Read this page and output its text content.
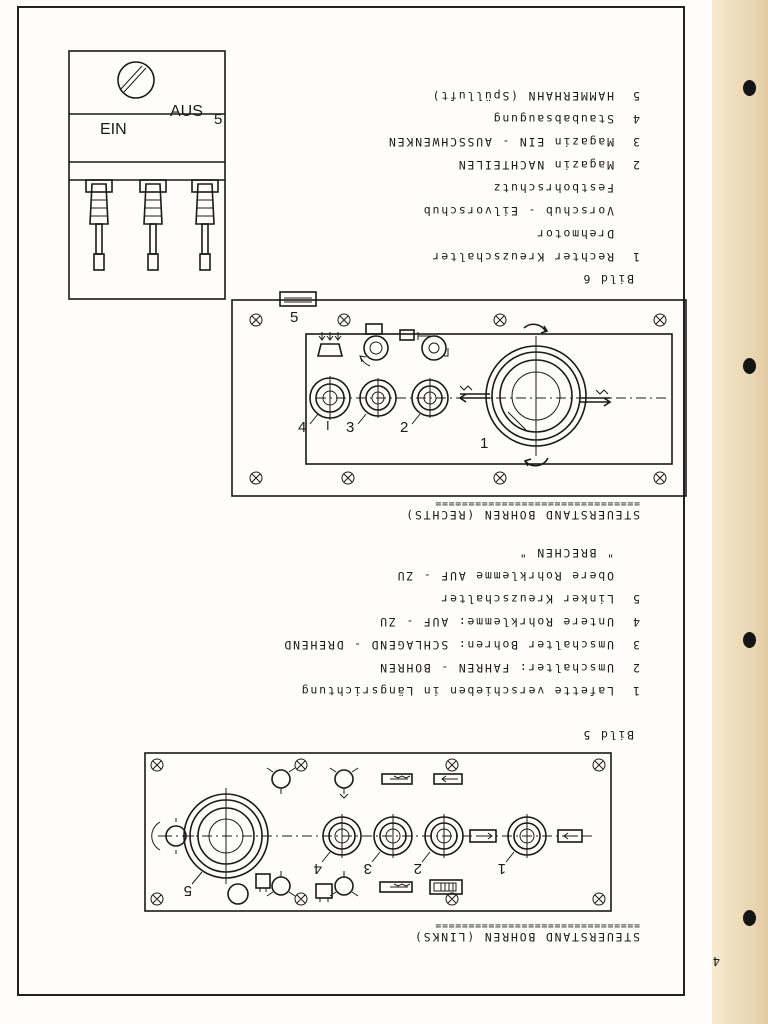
4
STEUERSTAND BOHREN (LINKS)
===============================
1
2
3
4
5
Bild 5
1
Lafette verschieben in Längsrichtung
2
Umschalter: FAHREN - BOHREN
3
Umschalter Bohren: SCHLAGEND - DREHEND
4
Untere Rohrklemme: AUF - ZU
5
Linker Kreuzschalter
Obere Rohrklemme AUF - ZU
" BRECHEN "
STEUERSTAND BOHREN (RECHTS)
===============================
1
2
3
4 I
5
Bild 6
1
Rechter Kreuzschalter
Drehmotor
Vorschub - Eilvorschub
Festbohrschutz
2
Magazin NACHTEILEN
3
Magazin EIN - AUSSCHWENKEN
4
Staubabsaugung
5
HAMMERHAHN (Spülluft)
5
AUS
EIN
